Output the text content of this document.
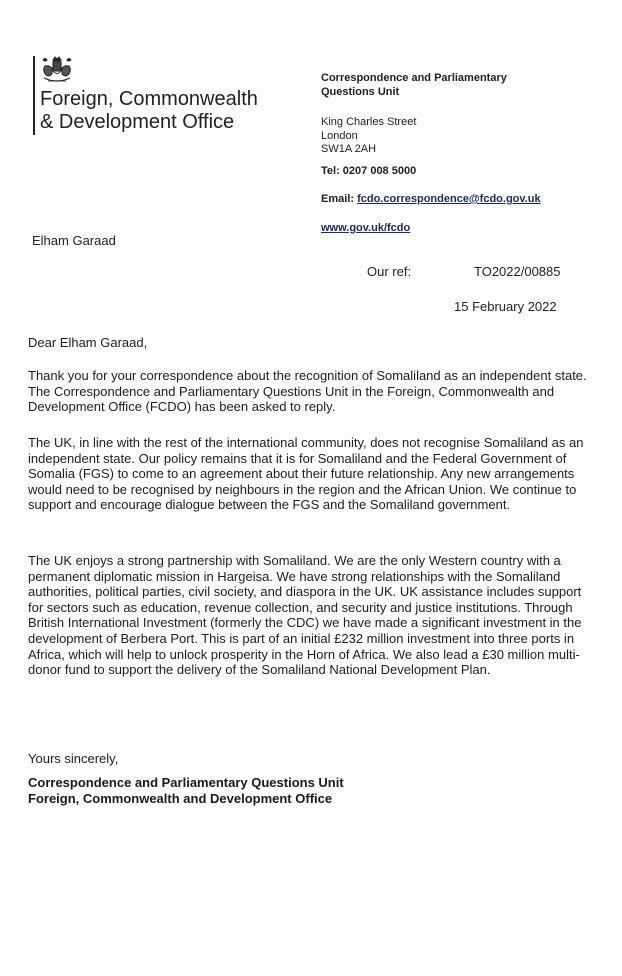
Foreign, Commonwealth
& Development Office
Correspondence and Parliamentary
Questions Unit
King Charles Street
London
SW1A 2AH
Tel: 0207 008 5000
Email: fcdo.correspondence@fcdo.gov.uk
www.gov.uk/fcdo
Elham Garaad
Our ref:	TO2022/00885
15 February 2022
Dear Elham Garaad,

Thank you for your correspondence about the recognition of Somaliland as an independent state. The Correspondence and Parliamentary Questions Unit in the Foreign, Commonwealth and Development Office (FCDO) has been asked to reply.

The UK, in line with the rest of the international community, does not recognise Somaliland as an independent state. Our policy remains that it is for Somaliland and the Federal Government of Somalia (FGS) to come to an agreement about their future relationship. Any new arrangements would need to be recognised by neighbours in the region and the African Union. We continue to support and encourage dialogue between the FGS and the Somaliland government.

The UK enjoys a strong partnership with Somaliland. We are the only Western country with a permanent diplomatic mission in Hargeisa. We have strong relationships with the Somaliland authorities, political parties, civil society, and diaspora in the UK. UK assistance includes support for sectors such as education, revenue collection, and security and justice institutions. Through British International Investment (formerly the CDC) we have made a significant investment in the development of Berbera Port. This is part of an initial £232 million investment into three ports in Africa, which will help to unlock prosperity in the Horn of Africa. We also lead a £30 million multi-donor fund to support the delivery of the Somaliland National Development Plan.

Yours sincerely,
Correspondence and Parliamentary Questions Unit
Foreign, Commonwealth and Development Office
